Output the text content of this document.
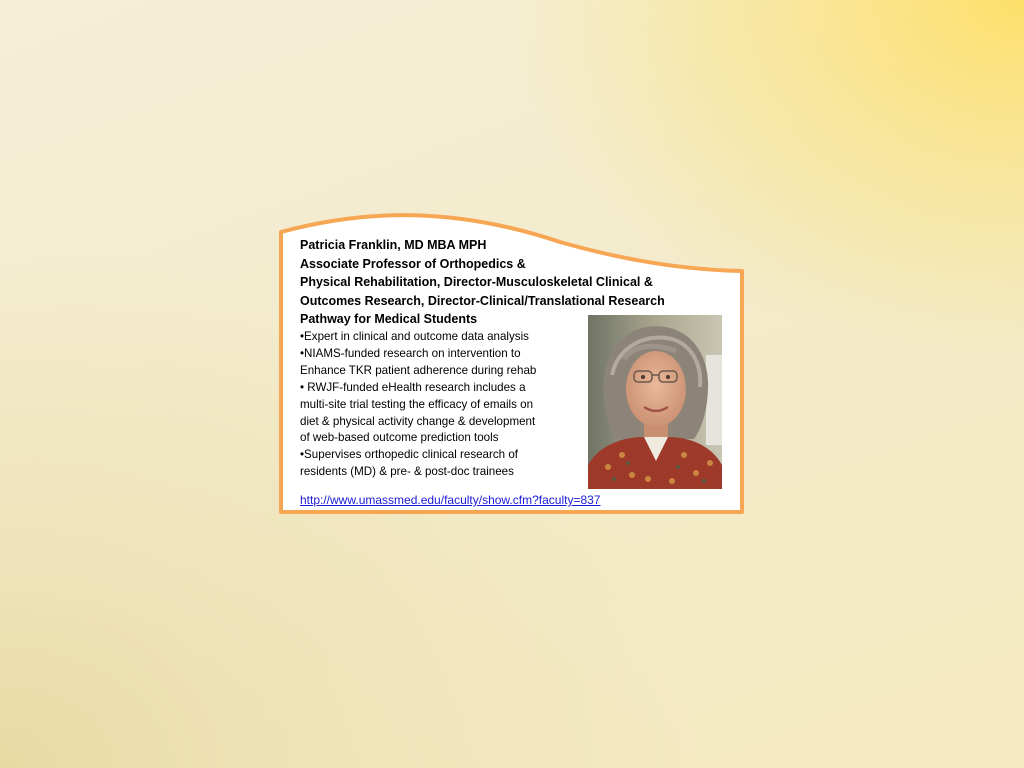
Patricia Franklin, MD MBA MPH
Associate Professor of Orthopedics &
Physical Rehabilitation, Director-Musculoskeletal Clinical &
Outcomes Research, Director-Clinical/Translational Research
Pathway for Medical Students
•Expert in clinical and outcome data analysis
•NIAMS-funded research on intervention to
Enhance TKR patient adherence during rehab
• RWJF-funded eHealth research includes a
multi-site trial testing the efficacy of emails on
diet & physical activity change & development
of web-based outcome prediction tools
•Supervises orthopedic clinical research of
residents (MD) & pre- & post-doc trainees
http://www.umassmed.edu/faculty/show.cfm?faculty=837
